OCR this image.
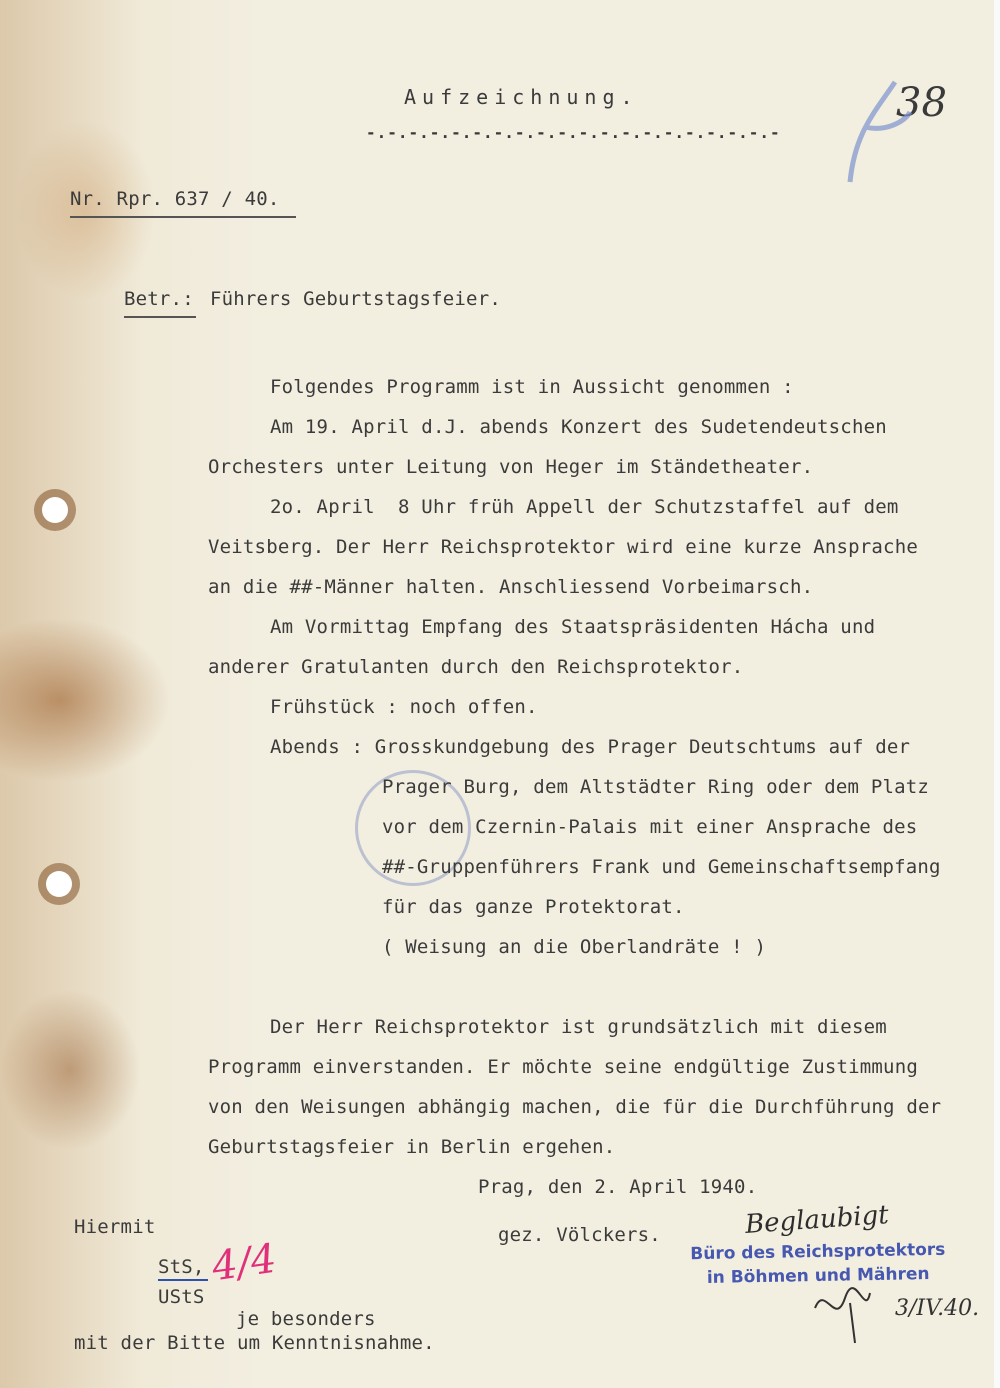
Aufzeichnung.
-.-.-.-.-.-.-.-.-.-.-.-.-.-.-.-.-.-.-.-
38
Nr. Rpr. 637 / 40.
Betr.: Führers Geburtstagsfeier.
Folgendes Programm ist in Aussicht genommen :
Am 19. April d.J. abends Konzert des Sudetendeutschen
Orchesters unter Leitung von Heger im Ständetheater.
2o. April  8 Uhr früh Appell der Schutzstaffel auf dem
Veitsberg. Der Herr Reichsprotektor wird eine kurze Ansprache
an die ##-Männer halten. Anschliessend Vorbeimarsch.
Am Vormittag Empfang des Staatspräsidenten Hácha und
anderer Gratulanten durch den Reichsprotektor.
Frühstück : noch offen.
Abends : Grosskundgebung des Prager Deutschtums auf der
Prager Burg, dem Altstädter Ring oder dem Platz
vor dem Czernin-Palais mit einer Ansprache des
##-Gruppenführers Frank und Gemeinschaftsempfang
für das ganze Protektorat.
( Weisung an die Oberlandräte ! )
Der Herr Reichsprotektor ist grundsätzlich mit diesem
Programm einverstanden. Er möchte seine endgültige Zustimmung
von den Weisungen abhängig machen, die für die Durchführung der
Geburtstagsfeier in Berlin ergehen.
Prag, den 2. April 1940.
gez. Völckers.
Hiermit
StS,
UStS
je besonders
mit der Bitte um Kenntnisnahme.
4/4
Beglaubigt
Büro des Reichsprotektors
in Böhmen und Mähren
3/IV.40.
